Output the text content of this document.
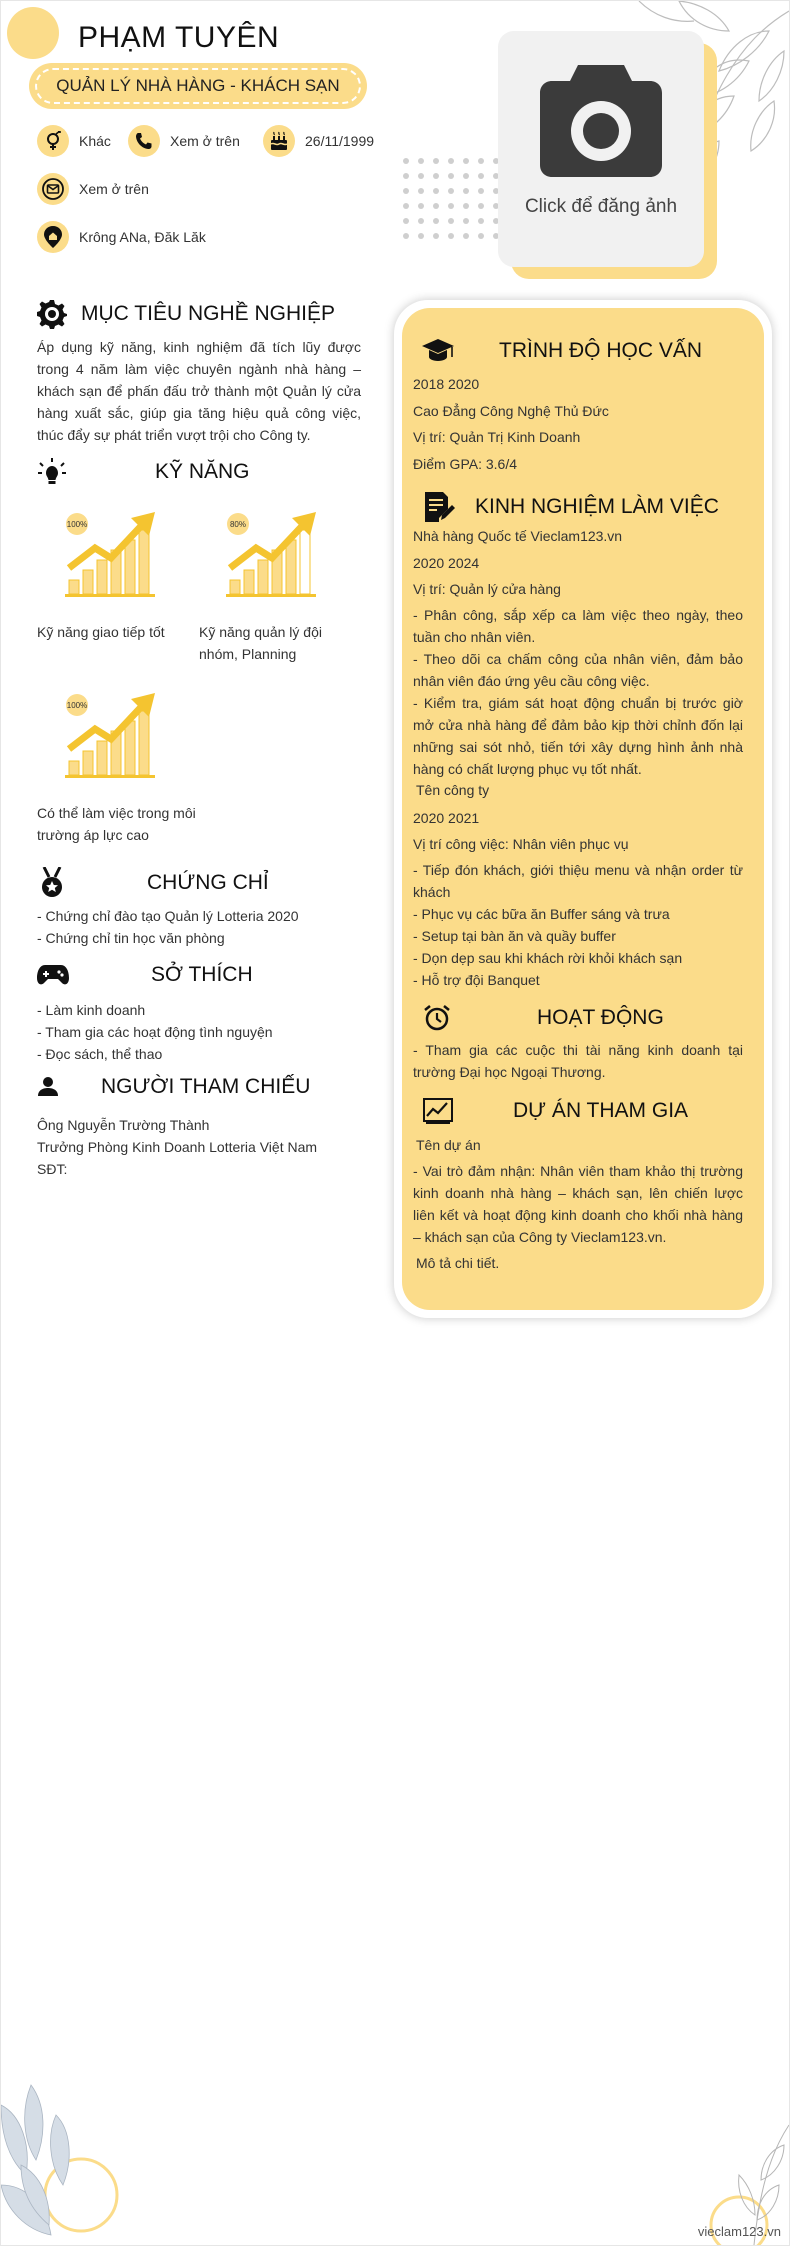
PHẠM TUYÊN
QUẢN LÝ NHÀ HÀNG - KHÁCH SẠN
Khác	Xem ở trên	26/11/1999
Xem ở trên
Krông ANa, Đăk Lăk
Click để đăng ảnh
MỤC TIÊU NGHỀ NGHIỆP
Áp dụng kỹ năng, kinh nghiệm đã tích lũy được trong 4 năm làm việc chuyên ngành nhà hàng – khách sạn để phấn đấu trở thành một Quản lý cửa hàng xuất sắc, giúp gia tăng hiệu quả công việc, thúc đẩy sự phát triển vượt trội cho Công ty.
KỸ NĂNG
100%
Kỹ năng giao tiếp tốt
80%
Kỹ năng quản lý đội nhóm, Planning
100%
Có thể làm việc trong môi trường áp lực cao
CHỨNG CHỈ
- Chứng chỉ đào tạo Quản lý Lotteria 2020
- Chứng chỉ tin học văn phòng
SỞ THÍCH
- Làm kinh doanh
- Tham gia các hoạt động tình nguyện
- Đọc sách, thể thao
NGƯỜI THAM CHIẾU
Ông Nguyễn Trường Thành
Trưởng Phòng Kinh Doanh Lotteria Việt Nam
SĐT:
TRÌNH ĐỘ HỌC VẤN
2018 2020
Cao Đẳng Công Nghệ Thủ Đức
Vị trí: Quản Trị Kinh Doanh
Điểm GPA: 3.6/4
KINH NGHIỆM LÀM VIỆC
Nhà hàng Quốc tế Vieclam123.vn
2020 2024
Vị trí: Quản lý cửa hàng
- Phân công, sắp xếp ca làm việc theo ngày, theo tuần cho nhân viên.
- Theo dõi ca chấm công của nhân viên, đảm bảo nhân viên đáo ứng yêu cầu công việc.
- Kiểm tra, giám sát hoạt động chuẩn bị trước giờ mở cửa nhà hàng để đảm bảo kịp thời chỉnh đốn lại những sai sót nhỏ, tiến tới xây dựng hình ảnh nhà hàng có chất lượng phục vụ tốt nhất.
Tên công ty
2020 2021
Vị trí công việc: Nhân viên phục vụ
- Tiếp đón khách, giới thiệu menu và nhận order từ khách
- Phục vụ các bữa ăn Buffer sáng và trưa
- Setup tại bàn ăn và quầy buffer
- Dọn dẹp sau khi khách rời khỏi khách sạn
- Hỗ trợ đội Banquet
HOẠT ĐỘNG
- Tham gia các cuộc thi tài năng kinh doanh tại trường Đại học Ngoại Thương.
DỰ ÁN THAM GIA
Tên dự án
- Vai trò đảm nhận: Nhân viên tham khảo thị trường kinh doanh nhà hàng – khách sạn, lên chiến lược liên kết và hoạt động kinh doanh cho khối nhà hàng – khách sạn của Công ty Vieclam123.vn.
Mô tả chi tiết.
vieclam123.vn
